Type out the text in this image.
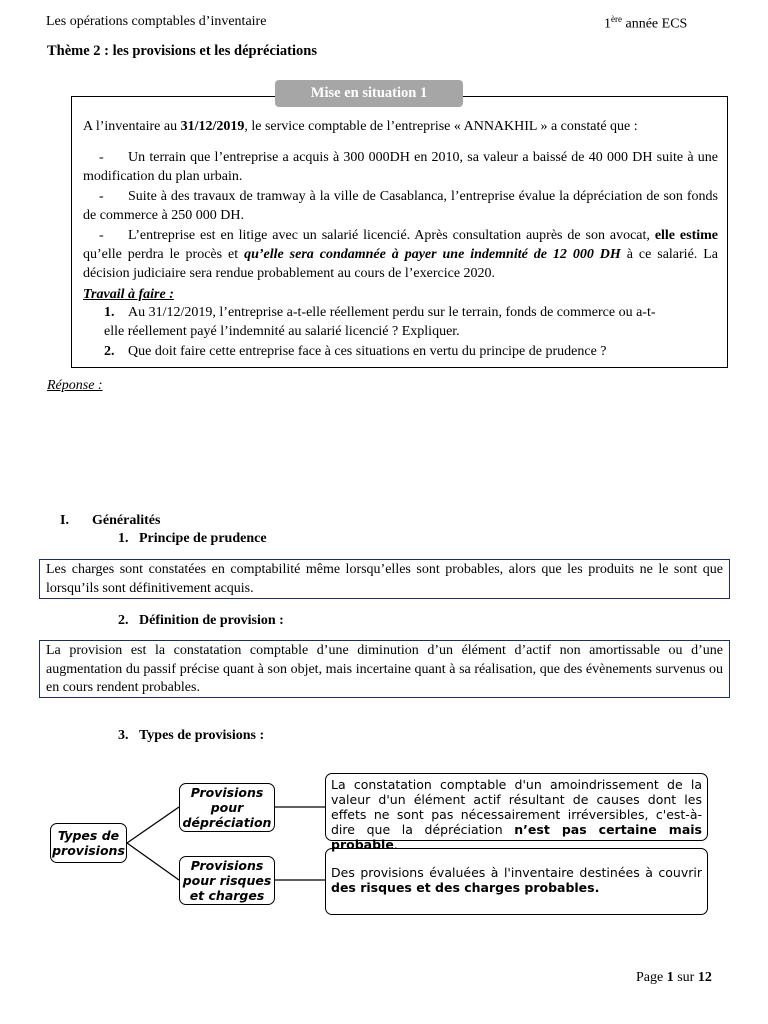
Les opérations comptables d’inventaire	1ère année ECS
Thème 2 : les provisions et les dépréciations
Mise en situation 1
A l’inventaire au 31/12/2019, le service comptable de l’entreprise « ANNAKHIL » a constaté que :
- Un terrain que l’entreprise a acquis à 300 000DH en 2010, sa valeur a baissé de 40 000 DH suite à une modification du plan urbain.
- Suite à des travaux de tramway à la ville de Casablanca, l’entreprise évalue la dépréciation de son fonds de commerce à 250 000 DH.
- L’entreprise est en litige avec un salarié licencié. Après consultation auprès de son avocat, elle estime qu’elle perdra le procès et qu’elle sera condamnée à payer une indemnité de 12 000 DH à ce salarié. La décision judiciaire sera rendue probablement au cours de l’exercice 2020.
Travail à faire :
1. Au 31/12/2019, l’entreprise a-t-elle réellement perdu sur le terrain, fonds de commerce ou a-t-
elle réellement payé l’indemnité au salarié licencié ? Expliquer.
2. Que doit faire cette entreprise face à ces situations en vertu du principe de prudence ?
Réponse :
I. Généralités
1. Principe de prudence
Les charges sont constatées en comptabilité même lorsqu’elles sont probables, alors que les produits ne le sont que lorsqu’ils sont définitivement acquis.
2. Définition de provision :
La provision est la constatation comptable d’une diminution d’un élément d’actif non amortissable ou d’une augmentation du passif précise quant à son objet, mais incertaine quant à sa réalisation, que des évènements survenus ou en cours rendent probables.
3. Types de provisions :
Types de provisions
Provisions pour dépréciation
Provisions pour risques et charges
La constatation comptable d'un amoindrissement de la valeur d'un élément actif résultant de causes dont les effets ne sont pas nécessairement irréversibles, c'est-à-dire que la dépréciation n’est pas certaine mais probable.
Des provisions évaluées à l'inventaire destinées à couvrir des risques et des charges probables.
Page 1 sur 12
